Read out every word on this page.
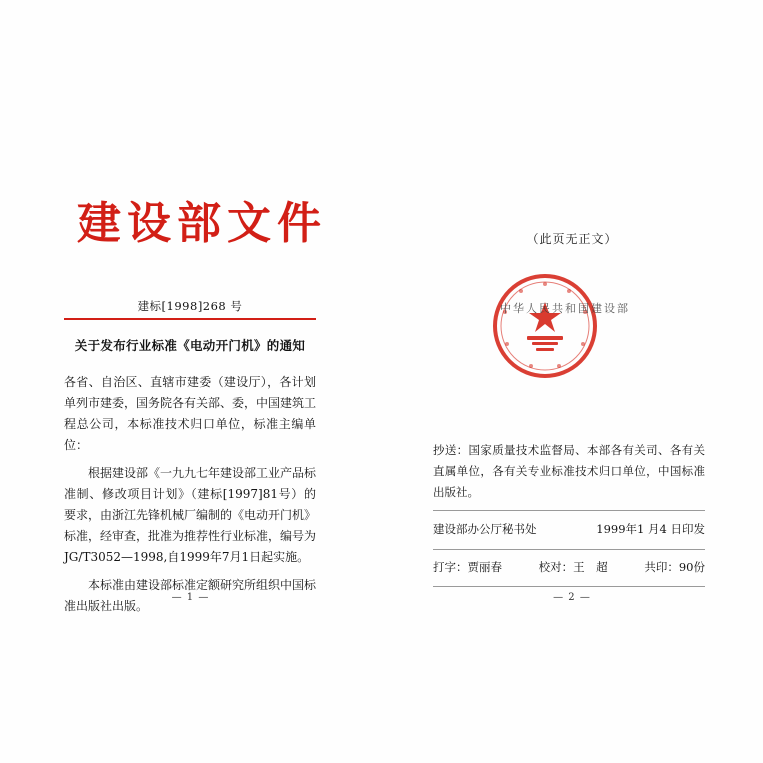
建设部文件
建标[1998]268 号
关于发布行业标准《电动开门机》的通知

各省、自治区、直辖市建委（建设厅），各计划单列市建委，国务院各有关部、委，中国建筑工程总公司，本标准技术归口单位，标准主编单位：

根据建设部《一九九七年建设部工业产品标准制、修改项目计划》（建标[1997]81号）的要求，由浙江先锋机械厂编制的《电动开门机》标准，经审查，批准为推荐性行业标准，编号为JG/T3052—1998,自1999年7月1日起实施。

本标准由建设部标准定额研究所组织中国标准出版社出版。

— 1 —
（此页无正文）
中华人民共和国建设部

抄送：国家质量技术监督局、本部各有关司、各有关直属单位，各有关专业标准技术归口单位，中国标准出版社。

建设部办公厅秘书处	1999年1 月4 日印发
打字：贾丽春	校对：王　超	共印：90份
— 2 —
